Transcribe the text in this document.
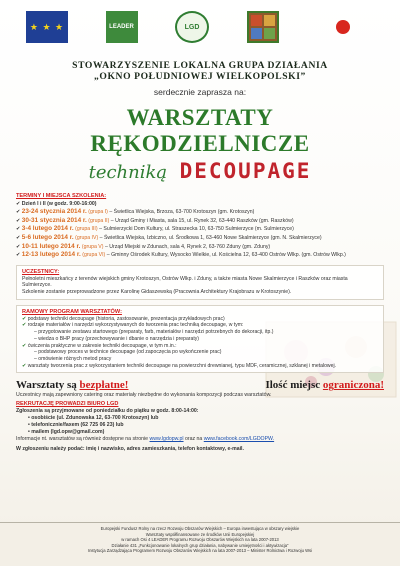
★ ★ ★	LEADER	LGD
STOWARZYSZENIE LOKALNA GRUPA DZIAŁANIA
„OKNO POŁUDNIOWEJ WIELKOPOLSKI”
serdecznie zaprasza na:
WARSZTATY RĘKODZIELNICZE
techniką DECOUPAGE
TERMINY I MIEJSCA SZKOLENIA:
✔ Dzień I i II (w godz. 9:00-16:00)
✔ 23-24 stycznia 2014 r. (grupa I) – Świetlica Wiejska, Brzoza, 63-700 Krotoszyn (gm. Krotoszyn)
✔ 30-31 stycznia 2014 r. (grupa II) – Urząd Gminy i Miasta, sala 15, ul. Rynek 32, 63-440 Raszków (gm. Raszków)
✔ 3-4 lutego 2014 r. (grupa III) – Sulmierzycki Dom Kultury, ul. Straszecka 10, 63-750 Sulmierzyce (m. Sulmierzyce)
✔ 5-6 lutego 2014 r. (grupa IV) – Świetlica Wiejska, Izbiczno, ul. Środkowa 1, 63-460 Nowe Skalmierzyce (gm. N. Skalmierzyce)
✔ 10-11 lutego 2014 r. (grupa V) – Urząd Miejski w Zdunach, sala 4, Rynek 2, 63-760 Zduny (gm. Zduny)
✔ 12-13 lutego 2014 r. (grupa VI) – Gminny Ośrodek Kultury, Wysocko Wielkie, ul. Kościelna 12, 63-400 Ostrów Wlkp. (gm. Ostrów Wlkp.)
UCZESTNICY:
Pełnoletni mieszkańcy z terenów wiejskich gminy Krotoszyn, Ostrów Wlkp. i Zduny, a także miasta Nowe Skalmierzyce i Raszków oraz miasta Sulmierzyce.
Szkolenie zostanie przeprowadzone przez Karolinę Gidaszewską (Pracownia Architektury Krajobrazu w Krotoszynie).
RAMOWY PROGRAM WARSZTATÓW:
✔ podstawy techniki decoupage (historia, zastosowanie, prezentacja przykładowych prac)
✔ rodzaje materiałów i narzędzi wykorzystywanych do tworzenia prac techniką decoupage, w tym:
– przygotowanie zestawu startowego (preparaty, farb, materiałów i narzędzi potrzebnych do dekoracji, itp.)
– wiedza o BHP pracy (przechowywanie i dbanie o narzędzia i preparaty)
✔ ćwiczenia praktyczne w zakresie techniki decoupage, w tym m.in.:
– podstawowy proces w technice decoupage (od zapoczęcia po wykończenie prac)
– omówienie różnych metod pracy
✔ warsztaty tworzenia prac z wykorzystaniem techniki decoupage na powierzchni drewnianej, typu MDF, ceramicznej, szklanej i metalowej.
Warsztaty są bezpłatne!	Ilość miejsc ograniczona!
Uczestnicy mają zapewniony catering oraz materiały niezbędne do wykonania kompozycji podczas warsztatów.
REKRUTACJĘ PROWADZI BIURO LGD
Zgłoszenia są przyjmowane od poniedziałku do piątku w godz. 8:00-14:00:
• osobiście (ul. Zdunowska 12, 63-700 Krotoszyn) lub
• telefonicznie/faxem (62 725 06 23) lub
• mailem (lgd.opw@gmail.com)
Informacje nt. warsztatów są również dostępne na stronie www.lgdopw.pl oraz na www.facebook.com/LGDOPW.
W zgłoszeniu należy podać: imię i nazwisko, adres zamieszkania, telefon kontaktowy, e-mail.
Europejski Fundusz Rolny na rzecz Rozwoju Obszarów Wiejskich – Europa inwestująca w obszary wiejskie
Warsztaty współfinansowane ze środków Unii Europejskiej
w ramach Osi 4 LEADER Programu Rozwoju Obszarów Wiejskich na lata 2007-2013
Działanie 431 „Funkcjonowanie lokalnych grup działania, nabywanie umiejętności i aktywizacja”
Instytucja Zarządzająca Programem Rozwoju Obszarów Wiejskich na lata 2007-2013 – Minister Rolnictwa i Rozwoju Wsi
